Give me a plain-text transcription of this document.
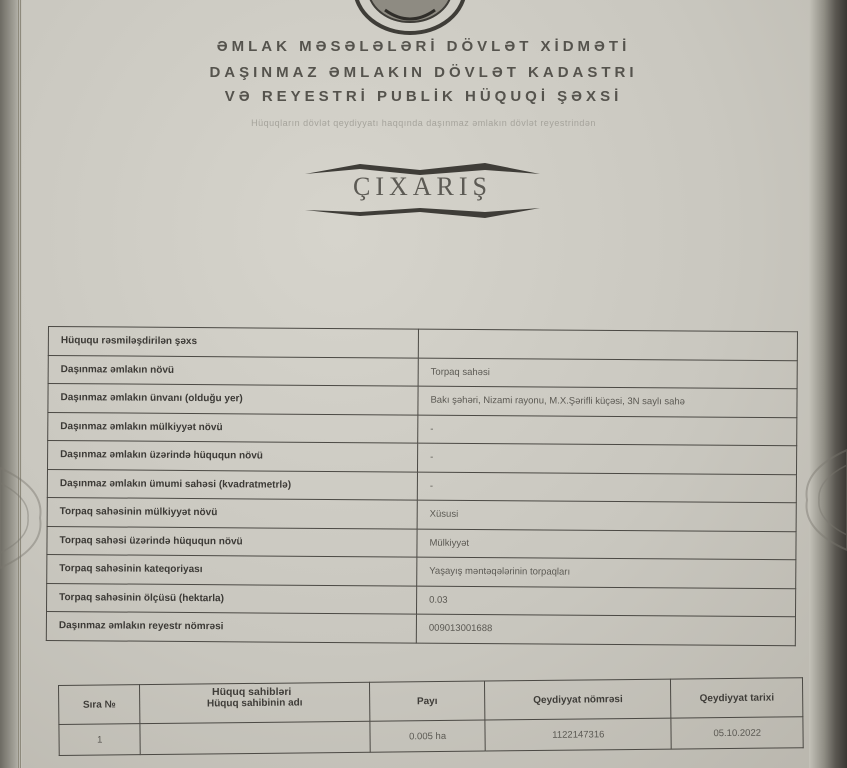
ƏMLAK MƏSƏLƏLƏRİ DÖVLƏT XİDMƏTİ
DAŞINMAZ ƏMLAKIN DÖVLƏT KADASTRI
VƏ REYESTRİ PUBLİK HÜQUQİ ŞƏXSİ
Hüquqların dövlət qeydiyyatı haqqında daşınmaz əmlakın dövlət reyestrindən
ÇIXARIŞ
Hüququ rəsmiləşdirilən şəxs	
Daşınmaz əmlakın növü	Torpaq sahəsi
Daşınmaz əmlakın ünvanı (olduğu yer)	Bakı şəhəri, Nizami rayonu, M.X.Şərifli küçəsi, 3N saylı sahə
Daşınmaz əmlakın mülkiyyət növü	-
Daşınmaz əmlakın üzərində hüququn növü	-
Daşınmaz əmlakın ümumi sahəsi (kvadratmetrlə)	-
Torpaq sahəsinin mülkiyyət növü	Xüsusi
Torpaq sahəsi üzərində hüququn növü	Mülkiyyət
Torpaq sahəsinin kateqoriyası	Yaşayış məntəqələrinin torpaqları
Torpaq sahəsinin ölçüsü (hektarla)	0.03
Daşınmaz əmlakın reyestr nömrəsi	009013001688
Hüquq sahibləri
Sıra №	Hüquq sahibinin adı	Payı	Qeydiyyat nömrəsi	Qeydiyyat tarixi
1		0.005 ha	1122147316	05.10.2022
